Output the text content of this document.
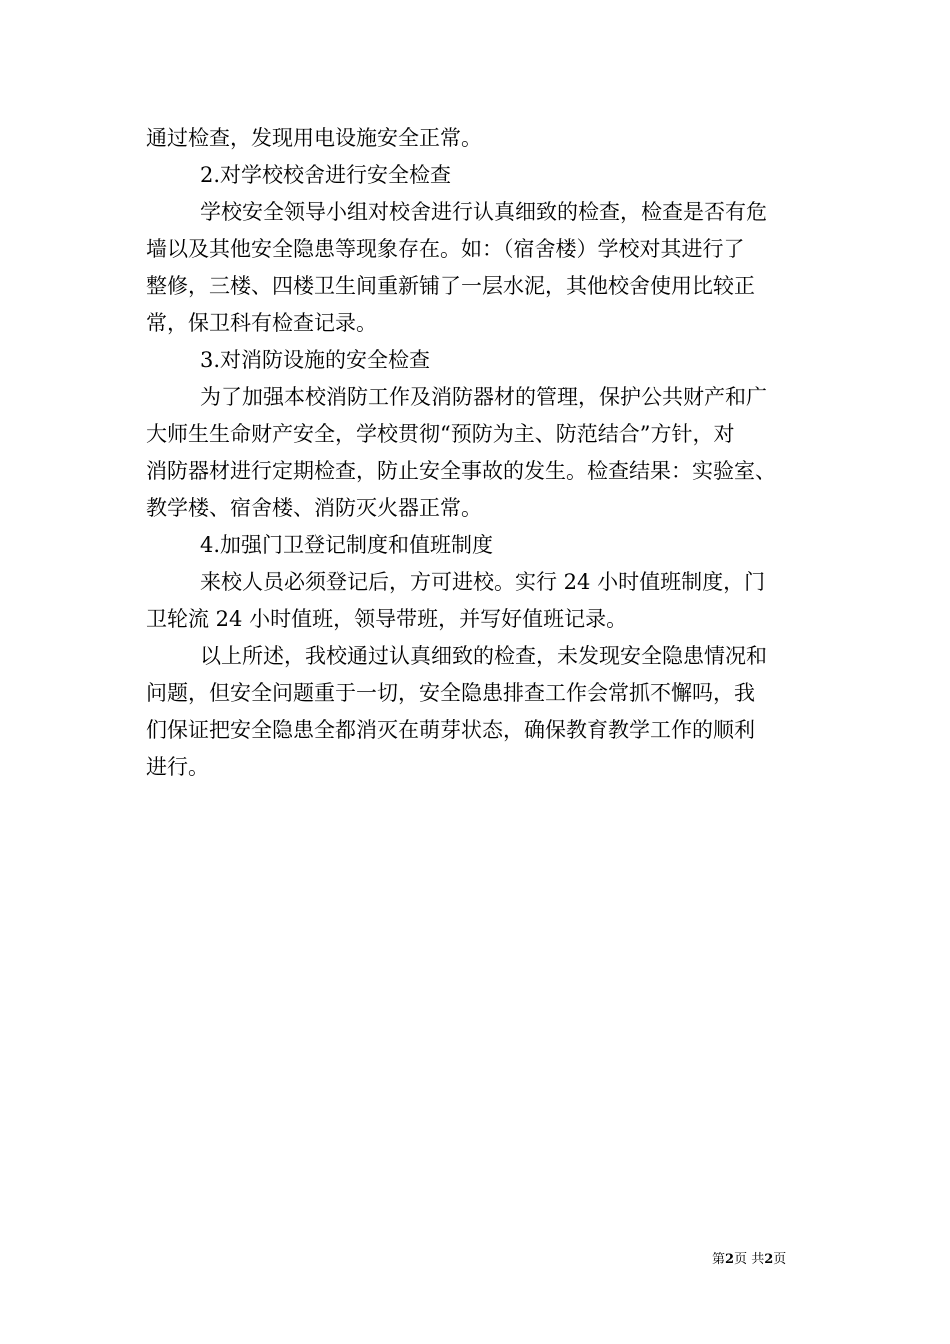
通过检查，发现用电设施安全正常。
2.对学校校舍进行安全检查
学校安全领导小组对校舍进行认真细致的检查，检查是否有危
墙以及其他安全隐患等现象存在。如：（宿舍楼）学校对其进行了
整修，三楼、四楼卫生间重新铺了一层水泥，其他校舍使用比较正
常，保卫科有检查记录。
3.对消防设施的安全检查
为了加强本校消防工作及消防器材的管理，保护公共财产和广
大师生生命财产安全，学校贯彻“预防为主、防范结合”方针，对
消防器材进行定期检查，防止安全事故的发生。检查结果：实验室、
教学楼、宿舍楼、消防灭火器正常。
4.加强门卫登记制度和值班制度
来校人员必须登记后，方可进校。实行 24 小时值班制度，门
卫轮流 24 小时值班，领导带班，并写好值班记录。
以上所述，我校通过认真细致的检查，未发现安全隐患情况和
问题，但安全问题重于一切，安全隐患排查工作会常抓不懈吗，我
们保证把安全隐患全都消灭在萌芽状态，确保教育教学工作的顺利
进行。
第2页 共2页
